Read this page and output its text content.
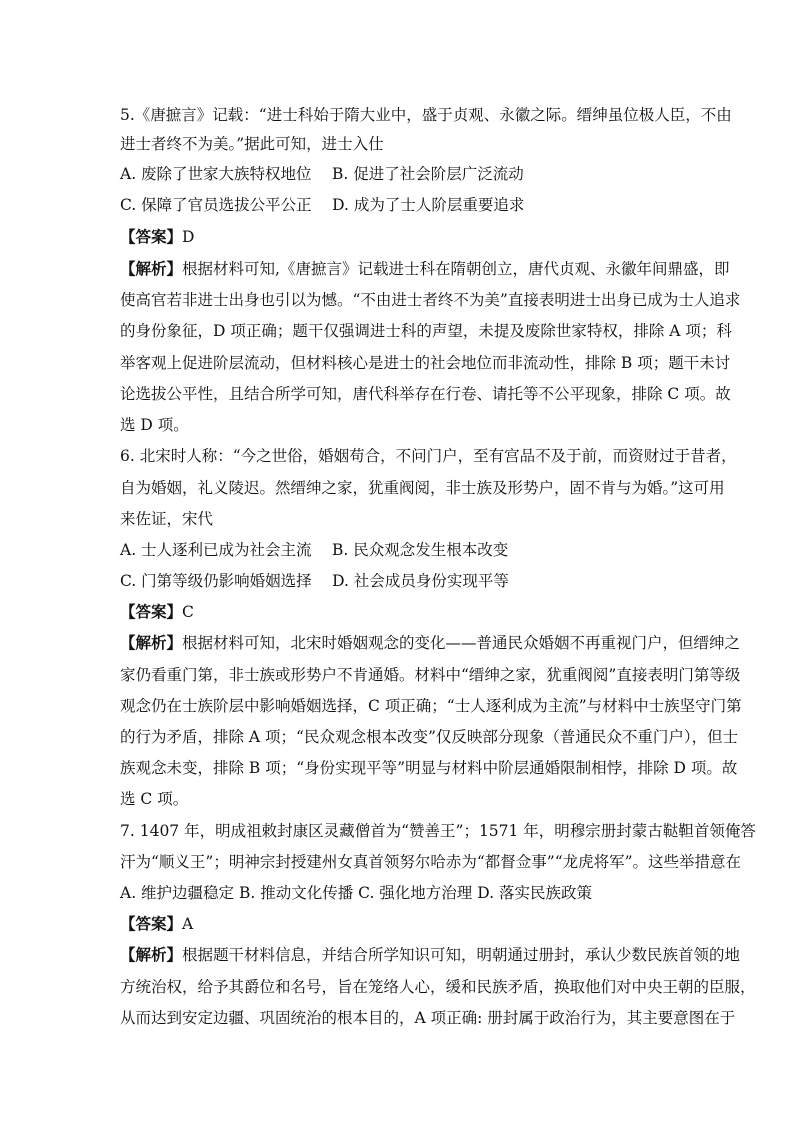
5.《唐摭言》记载：“进士科始于隋大业中，盛于贞观、永徽之际。缙绅虽位极人臣，不由
进士者终不为美。”据此可知，进士入仕
A. 废除了世家大族特权地位　 B. 促进了社会阶层广泛流动
C. 保障了官员选拔公平公正　 D. 成为了士人阶层重要追求
【答案】D
【解析】根据材料可知,《唐摭言》记载进士科在隋朝创立，唐代贞观、永徽年间鼎盛，即
使高官若非进士出身也引以为憾。“不由进士者终不为美”直接表明进士出身已成为士人追求
的身份象征，D 项正确；题干仅强调进士科的声望，未提及废除世家特权，排除 A 项；科
举客观上促进阶层流动，但材料核心是进士的社会地位而非流动性，排除 B 项；题干未讨
论选拔公平性，且结合所学可知，唐代科举存在行卷、请托等不公平现象，排除 C 项。故
选 D 项。
6. 北宋时人称：“今之世俗，婚姻苟合，不问门户，至有宫品不及于前，而资财过于昔者，
自为婚姻，礼义陵迟。然缙绅之家，犹重阀阅，非士族及形势户，固不肯与为婚。”这可用
来佐证，宋代
A. 士人逐利已成为社会主流　 B. 民众观念发生根本改变
C. 门第等级仍影响婚姻选择　 D. 社会成员身份实现平等
【答案】C
【解析】根据材料可知，北宋时婚姻观念的变化——普通民众婚姻不再重视门户，但缙绅之
家仍看重门第，非士族或形势户不肯通婚。材料中“缙绅之家，犹重阀阅”直接表明门第等级
观念仍在士族阶层中影响婚姻选择，C 项正确；“士人逐利成为主流”与材料中士族坚守门第
的行为矛盾，排除 A 项；“民众观念根本改变”仅反映部分现象（普通民众不重门户），但士
族观念未变，排除 B 项；“身份实现平等”明显与材料中阶层通婚限制相悖，排除 D 项。故
选 C 项。
7. 1407 年，明成祖敕封康区灵藏僧首为“赞善王”；1571 年，明穆宗册封蒙古鞑靼首领俺答
汗为“顺义王”；明神宗封授建州女真首领努尔哈赤为“都督佥事”“龙虎将军”。这些举措意在
A. 维护边疆稳定 B. 推动文化传播 C. 强化地方治理 D. 落实民族政策
【答案】A
【解析】根据题干材料信息，并结合所学知识可知，明朝通过册封，承认少数民族首领的地
方统治权，给予其爵位和名号，旨在笼络人心，缓和民族矛盾，换取他们对中央王朝的臣服，
从而达到安定边疆、巩固统治的根本目的，A 项正确: 册封属于政治行为，其主要意图在于
